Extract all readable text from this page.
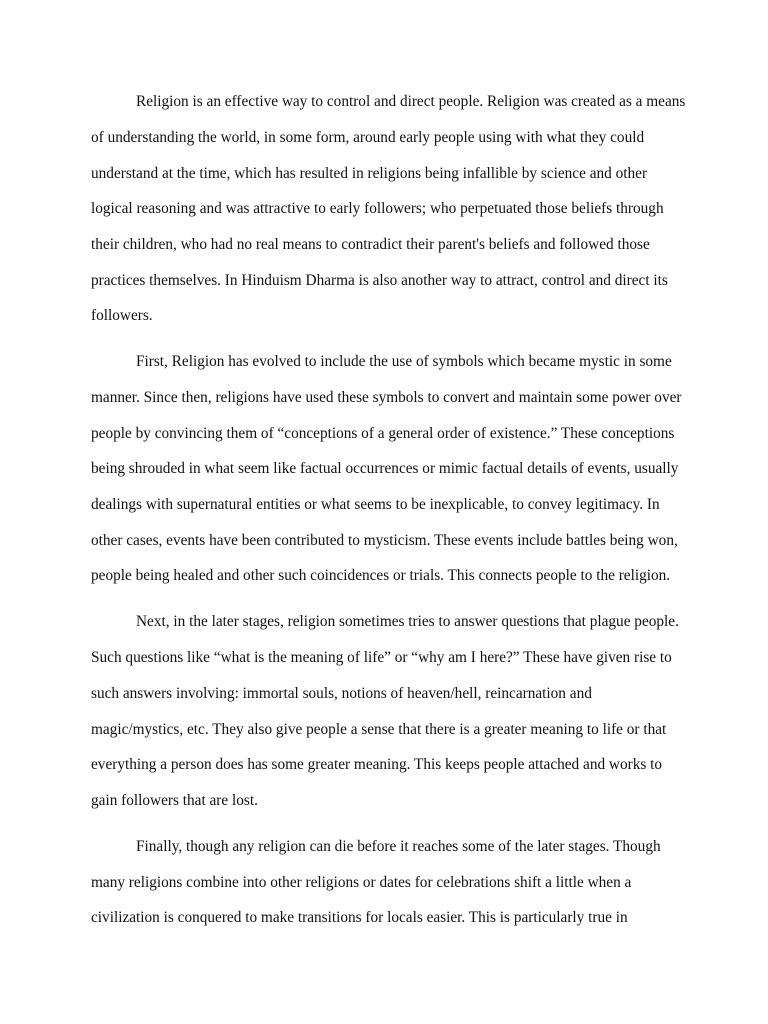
Religion is an effective way to control and direct people. Religion was created as a means
of understanding the world, in some form, around early people using with what they could
understand at the time, which has resulted in religions being infallible by science and other
logical reasoning and was attractive to early followers; who perpetuated those beliefs through
their children, who had no real means to contradict their parent's beliefs and followed those
practices themselves. In Hinduism Dharma is also another way to attract, control and direct its
followers.
First, Religion has evolved to include the use of symbols which became mystic in some
manner. Since then, religions have used these symbols to convert and maintain some power over
people by convincing them of “conceptions of a general order of existence.” These conceptions
being shrouded in what seem like factual occurrences or mimic factual details of events, usually
dealings with supernatural entities or what seems to be inexplicable, to convey legitimacy. In
other cases, events have been contributed to mysticism. These events include battles being won,
people being healed and other such coincidences or trials. This connects people to the religion.
Next, in the later stages, religion sometimes tries to answer questions that plague people.
Such questions like “what is the meaning of life” or “why am I here?” These have given rise to
such answers involving: immortal souls, notions of heaven/hell, reincarnation and
magic/mystics, etc. They also give people a sense that there is a greater meaning to life or that
everything a person does has some greater meaning. This keeps people attached and works to
gain followers that are lost.
Finally, though any religion can die before it reaches some of the later stages. Though
many religions combine into other religions or dates for celebrations shift a little when a
civilization is conquered to make transitions for locals easier. This is particularly true in
